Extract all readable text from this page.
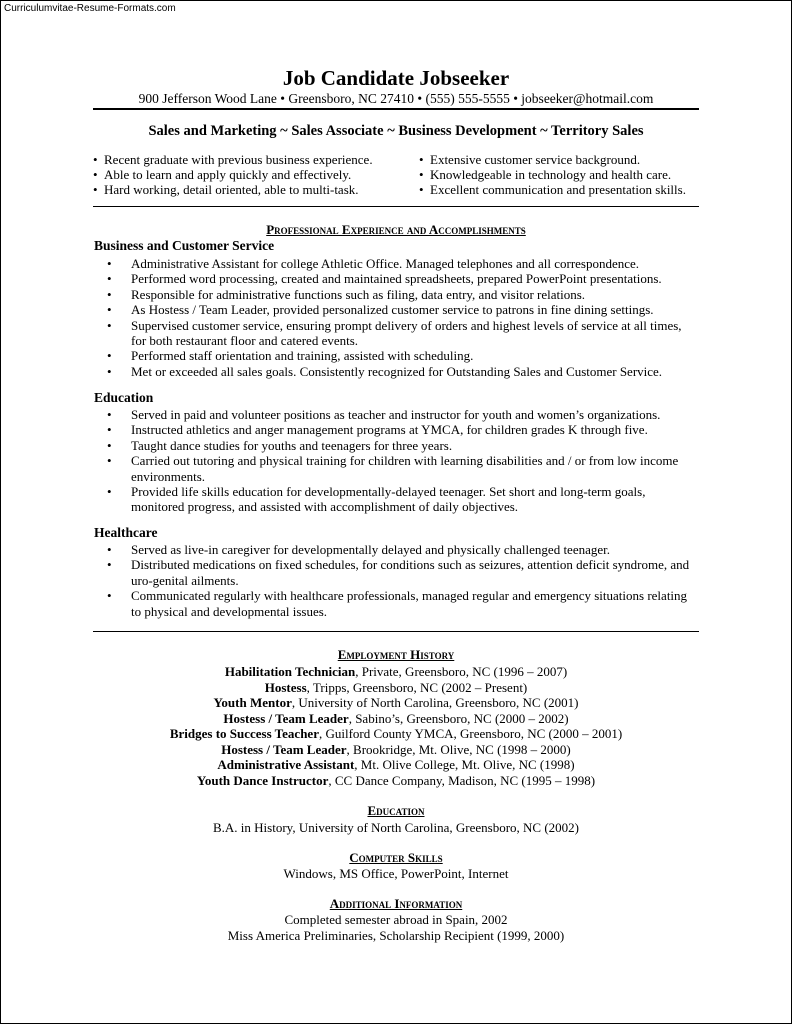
Curriculumvitae-Resume-Formats.com
Job Candidate Jobseeker
900 Jefferson Wood Lane • Greensboro, NC 27410 • (555) 555-5555 • jobseeker@hotmail.com
Sales and Marketing ~ Sales Associate ~ Business Development ~ Territory Sales
• Recent graduate with previous business experience.
• Able to learn and apply quickly and effectively.
• Hard working, detail oriented, able to multi-task.
• Extensive customer service background.
• Knowledgeable in technology and health care.
• Excellent communication and presentation skills.
Professional Experience and Accomplishments
Business and Customer Service
• Administrative Assistant for college Athletic Office. Managed telephones and all correspondence.
• Performed word processing, created and maintained spreadsheets, prepared PowerPoint presentations.
• Responsible for administrative functions such as filing, data entry, and visitor relations.
• As Hostess / Team Leader, provided personalized customer service to patrons in fine dining settings.
• Supervised customer service, ensuring prompt delivery of orders and highest levels of service at all times, for both restaurant floor and catered events.
• Performed staff orientation and training, assisted with scheduling.
• Met or exceeded all sales goals. Consistently recognized for Outstanding Sales and Customer Service.
Education
• Served in paid and volunteer positions as teacher and instructor for youth and women’s organizations.
• Instructed athletics and anger management programs at YMCA, for children grades K through five.
• Taught dance studies for youths and teenagers for three years.
• Carried out tutoring and physical training for children with learning disabilities and / or from low income environments.
• Provided life skills education for developmentally-delayed teenager. Set short and long-term goals, monitored progress, and assisted with accomplishment of daily objectives.
Healthcare
• Served as live-in caregiver for developmentally delayed and physically challenged teenager.
• Distributed medications on fixed schedules, for conditions such as seizures, attention deficit syndrome, and uro-genital ailments.
• Communicated regularly with healthcare professionals, managed regular and emergency situations relating to physical and developmental issues.
Employment History
Habilitation Technician, Private, Greensboro, NC (1996 – 2007)
Hostess, Tripps, Greensboro, NC (2002 – Present)
Youth Mentor, University of North Carolina, Greensboro, NC (2001)
Hostess / Team Leader, Sabino’s, Greensboro, NC (2000 – 2002)
Bridges to Success Teacher, Guilford County YMCA, Greensboro, NC (2000 – 2001)
Hostess / Team Leader, Brookridge, Mt. Olive, NC (1998 – 2000)
Administrative Assistant, Mt. Olive College, Mt. Olive, NC (1998)
Youth Dance Instructor, CC Dance Company, Madison, NC (1995 – 1998)
Education
B.A. in History, University of North Carolina, Greensboro, NC (2002)
Computer Skills
Windows, MS Office, PowerPoint, Internet
Additional Information
Completed semester abroad in Spain, 2002
Miss America Preliminaries, Scholarship Recipient (1999, 2000)
